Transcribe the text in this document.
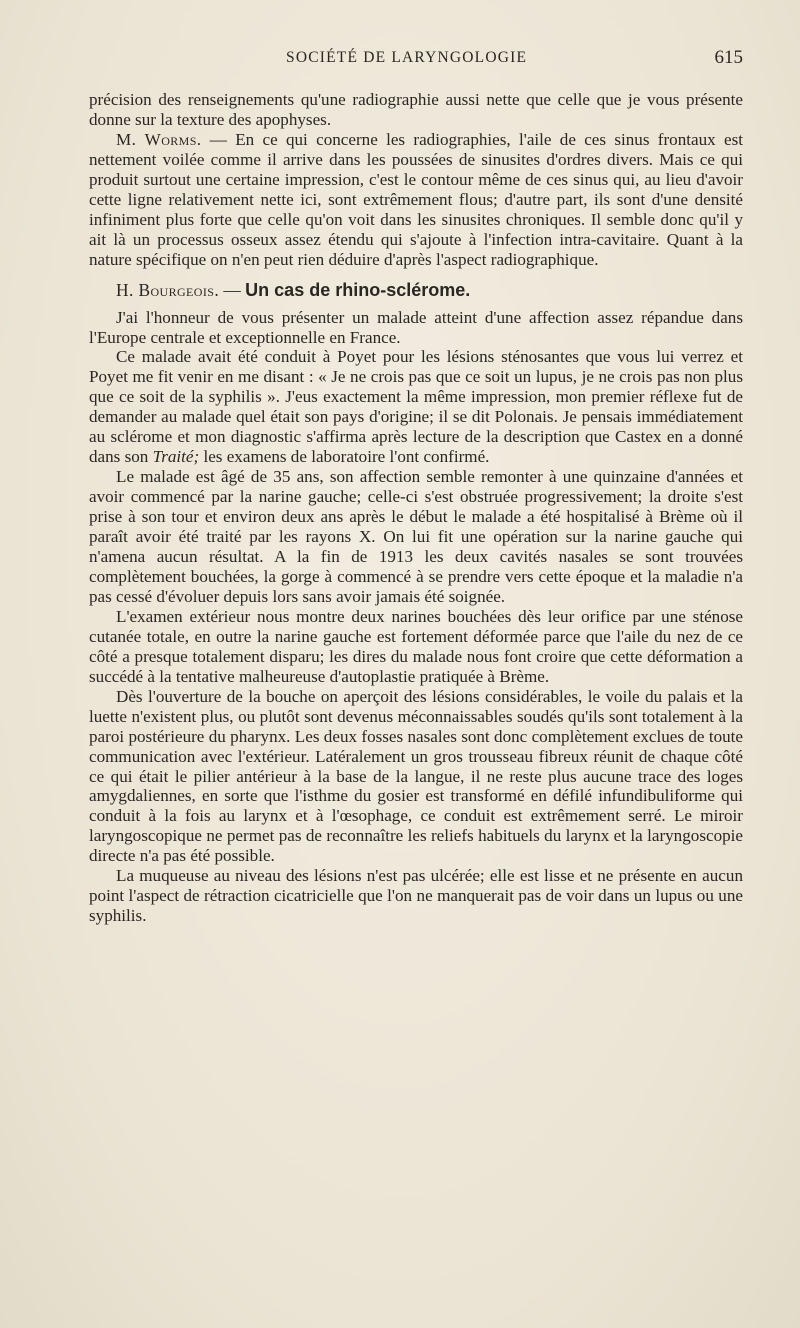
SOCIÉTÉ DE LARYNGOLOGIE	615

précision des renseignements qu'une radiographie aussi nette que celle que je vous présente donne sur la texture des apophyses.

M. Worms. — En ce qui concerne les radiographies, l'aile de ces sinus frontaux est nettement voilée comme il arrive dans les poussées de sinusites d'ordres divers. Mais ce qui produit surtout une certaine impression, c'est le contour même de ces sinus qui, au lieu d'avoir cette ligne relativement nette ici, sont extrêmement flous; d'autre part, ils sont d'une densité infiniment plus forte que celle qu'on voit dans les sinusites chroniques. Il semble donc qu'il y ait là un processus osseux assez étendu qui s'ajoute à l'infection intra-cavitaire. Quant à la nature spécifique on n'en peut rien déduire d'après l'aspect radiographique.

H. Bourgeois. — Un cas de rhino-sclérome.

J'ai l'honneur de vous présenter un malade atteint d'une affection assez répandue dans l'Europe centrale et exceptionnelle en France.

Ce malade avait été conduit à Poyet pour les lésions sténosantes que vous lui verrez et Poyet me fit venir en me disant : « Je ne crois pas que ce soit un lupus, je ne crois pas non plus que ce soit de la syphilis ». J'eus exactement la même impression, mon premier réflexe fut de demander au malade quel était son pays d'origine; il se dit Polonais. Je pensais immédiatement au sclérome et mon diagnostic s'affirma après lecture de la description que Castex en a donné dans son Traité; les examens de laboratoire l'ont confirmé.

Le malade est âgé de 35 ans, son affection semble remonter à une quinzaine d'années et avoir commencé par la narine gauche; celle-ci s'est obstruée progressivement; la droite s'est prise à son tour et environ deux ans après le début le malade a été hospitalisé à Brème où il paraît avoir été traité par les rayons X. On lui fit une opération sur la narine gauche qui n'amena aucun résultat. A la fin de 1913 les deux cavités nasales se sont trouvées complètement bouchées, la gorge à commencé à se prendre vers cette époque et la maladie n'a pas cessé d'évoluer depuis lors sans avoir jamais été soignée.

L'examen extérieur nous montre deux narines bouchées dès leur orifice par une sténose cutanée totale, en outre la narine gauche est fortement déformée parce que l'aile du nez de ce côté a presque totalement disparu; les dires du malade nous font croire que cette déformation a succédé à la tentative malheureuse d'autoplastie pratiquée à Brème.

Dès l'ouverture de la bouche on aperçoit des lésions considérables, le voile du palais et la luette n'existent plus, ou plutôt sont devenus méconnaissables soudés qu'ils sont totalement à la paroi postérieure du pharynx. Les deux fosses nasales sont donc complètement exclues de toute communication avec l'extérieur. Latéralement un gros trousseau fibreux réunit de chaque côté ce qui était le pilier antérieur à la base de la langue, il ne reste plus aucune trace des loges amygdaliennes, en sorte que l'isthme du gosier est transformé en défilé infundibuliforme qui conduit à la fois au larynx et à l'œsophage, ce conduit est extrêmement serré. Le miroir laryngoscopique ne permet pas de reconnaître les reliefs habituels du larynx et la laryngoscopie directe n'a pas été possible.

La muqueuse au niveau des lésions n'est pas ulcérée; elle est lisse et ne présente en aucun point l'aspect de rétraction cicatricielle que l'on ne manquerait pas de voir dans un lupus ou une syphilis.
